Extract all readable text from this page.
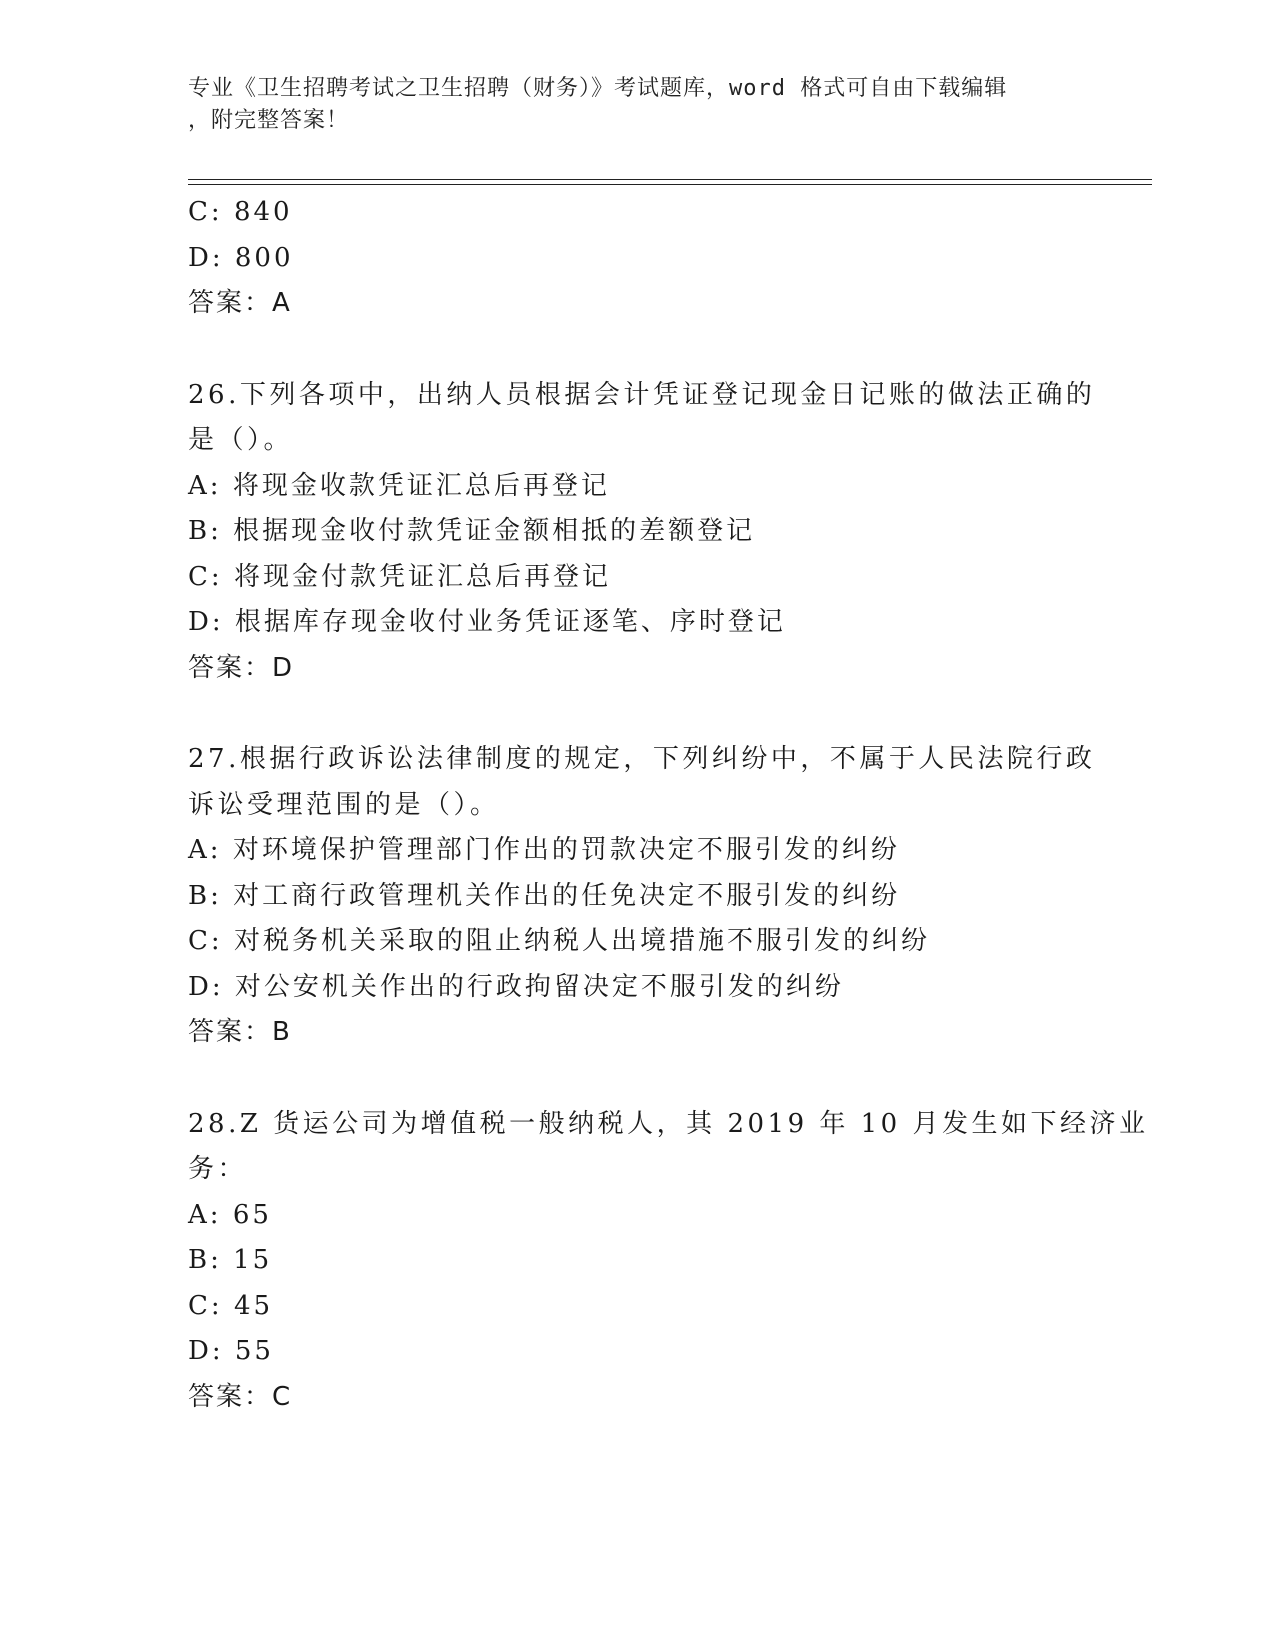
专业《卫生招聘考试之卫生招聘（财务）》考试题库，word 格式可自由下载编辑
，附完整答案！
C: 840
D: 800
答案：A
26.下列各项中，出纳人员根据会计凭证登记现金日记账的做法正确的
是（）。
A: 将现金收款凭证汇总后再登记
B: 根据现金收付款凭证金额相抵的差额登记
C: 将现金付款凭证汇总后再登记
D: 根据库存现金收付业务凭证逐笔、序时登记
答案：D
27.根据行政诉讼法律制度的规定，下列纠纷中，不属于人民法院行政
诉讼受理范围的是（）。
A: 对环境保护管理部门作出的罚款决定不服引发的纠纷
B: 对工商行政管理机关作出的任免决定不服引发的纠纷
C: 对税务机关采取的阻止纳税人出境措施不服引发的纠纷
D: 对公安机关作出的行政拘留决定不服引发的纠纷
答案：B
28.Z 货运公司为增值税一般纳税人，其 2019 年 10 月发生如下经济业
务：
A: 65
B: 15
C: 45
D: 55
答案：C
